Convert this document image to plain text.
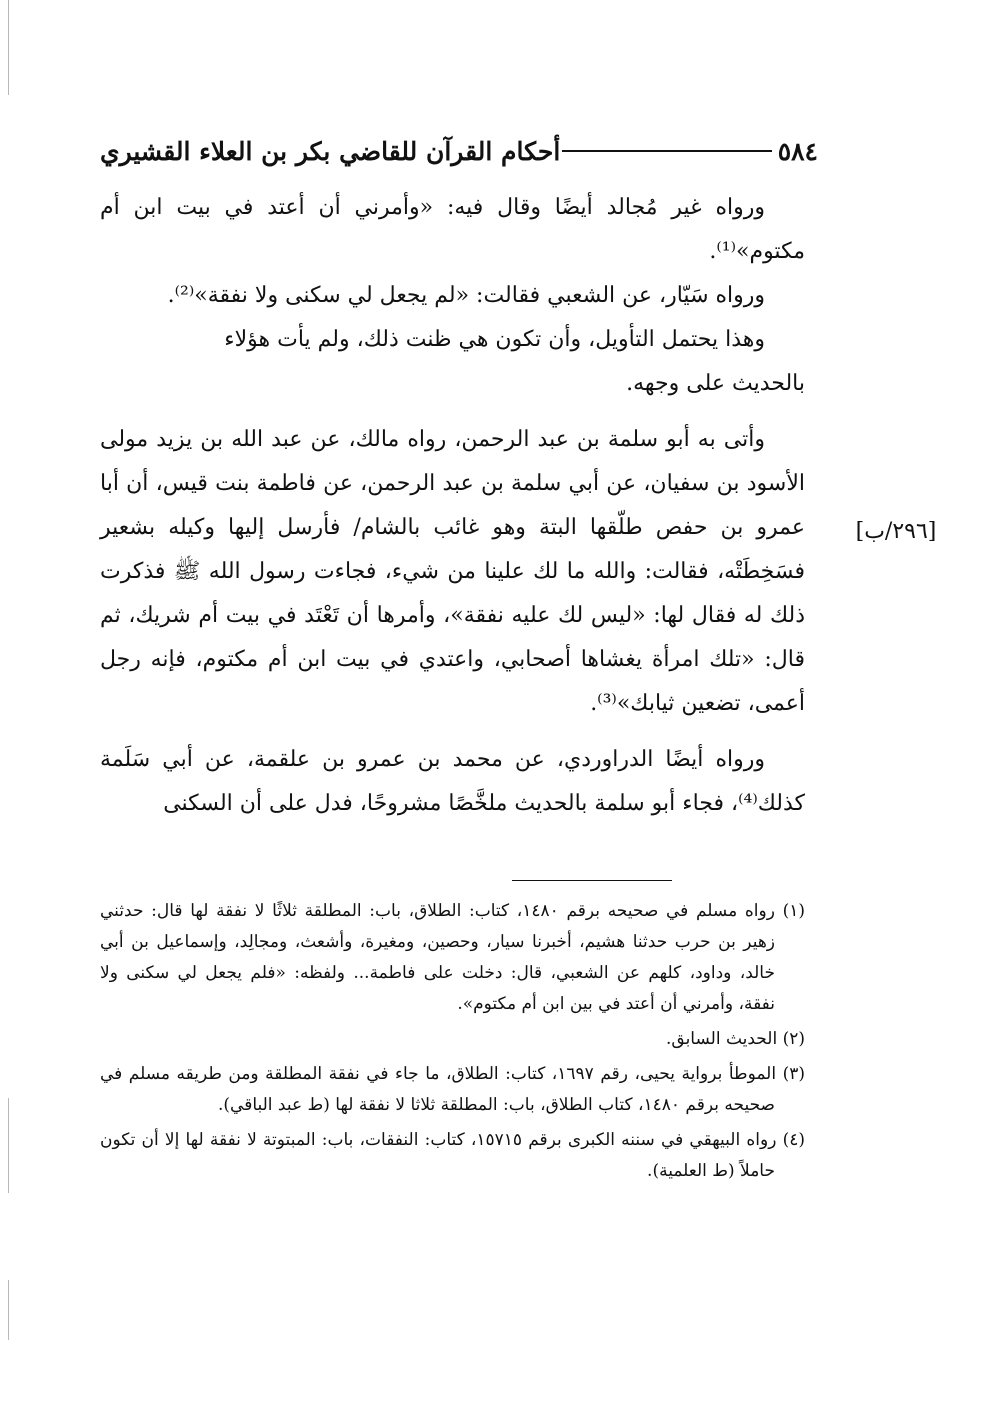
٥٨٤
أحكام القرآن للقاضي بكر بن العلاء القشيري

ورواه غير مُجالد أيضًا وقال فيه: «وأمرني أن أعتد في بيت ابن أم مكتوم»⁽¹⁾.

ورواه سَيّار، عن الشعبي فقالت: «لم يجعل لي سكنى ولا نفقة»⁽²⁾.

وهذا يحتمل التأويل، وأن تكون هي ظنت ذلك، ولم يأت هؤلاء

بالحديث على وجهه.

وأتى به أبو سلمة بن عبد الرحمن، رواه مالك، عن عبد الله بن يزيد مولى الأسود بن سفيان، عن أبي سلمة بن عبد الرحمن، عن فاطمة بنت قيس، أن أبا عمرو بن حفص طلّقها البتة وهو غائب بالشام/ فأرسل إليها وكيله بشعير فسَخِطَتْه، فقالت: والله ما لك علينا من شيء، فجاءت رسول الله ﷺ فذكرت ذلك له فقال لها: «ليس لك عليه نفقة»، وأمرها أن تَعْتَد في بيت أم شريك، ثم قال: «تلك امرأة يغشاها أصحابي، واعتدي في بيت ابن أم مكتوم، فإنه رجل أعمى، تضعين ثيابك»⁽³⁾.

ورواه أيضًا الدراوردي، عن محمد بن عمرو بن علقمة، عن أبي سَلَمة كذلك⁽⁴⁾، فجاء أبو سلمة بالحديث ملخَّصًا مشروحًا، فدل على أن السكنى

[٢٩٦/ب]

(١) رواه مسلم في صحيحه برقم ١٤٨٠، كتاب: الطلاق، باب: المطلقة ثلاثًا لا نفقة لها قال: حدثني زهير بن حرب حدثنا هشيم، أخبرنا سيار، وحصين، ومغيرة، وأشعث، ومجالِد، وإسماعيل بن أبي خالد، وداود، كلهم عن الشعبي، قال: دخلت على فاطمة... ولفظه: «فلم يجعل لي سكنى ولا نفقة، وأمرني أن أعتد في بين ابن أم مكتوم».

(٢) الحديث السابق.

(٣) الموطأ برواية يحيى، رقم ١٦٩٧، كتاب: الطلاق، ما جاء في نفقة المطلقة ومن طريقه مسلم في صحيحه برقم ١٤٨٠، كتاب الطلاق، باب: المطلقة ثلاثا لا نفقة لها (ط عبد الباقي).

(٤) رواه البيهقي في سننه الكبرى برقم ١٥٧١٥، كتاب: النفقات، باب: المبتوتة لا نفقة لها إلا أن تكون حاملاً (ط العلمية).
